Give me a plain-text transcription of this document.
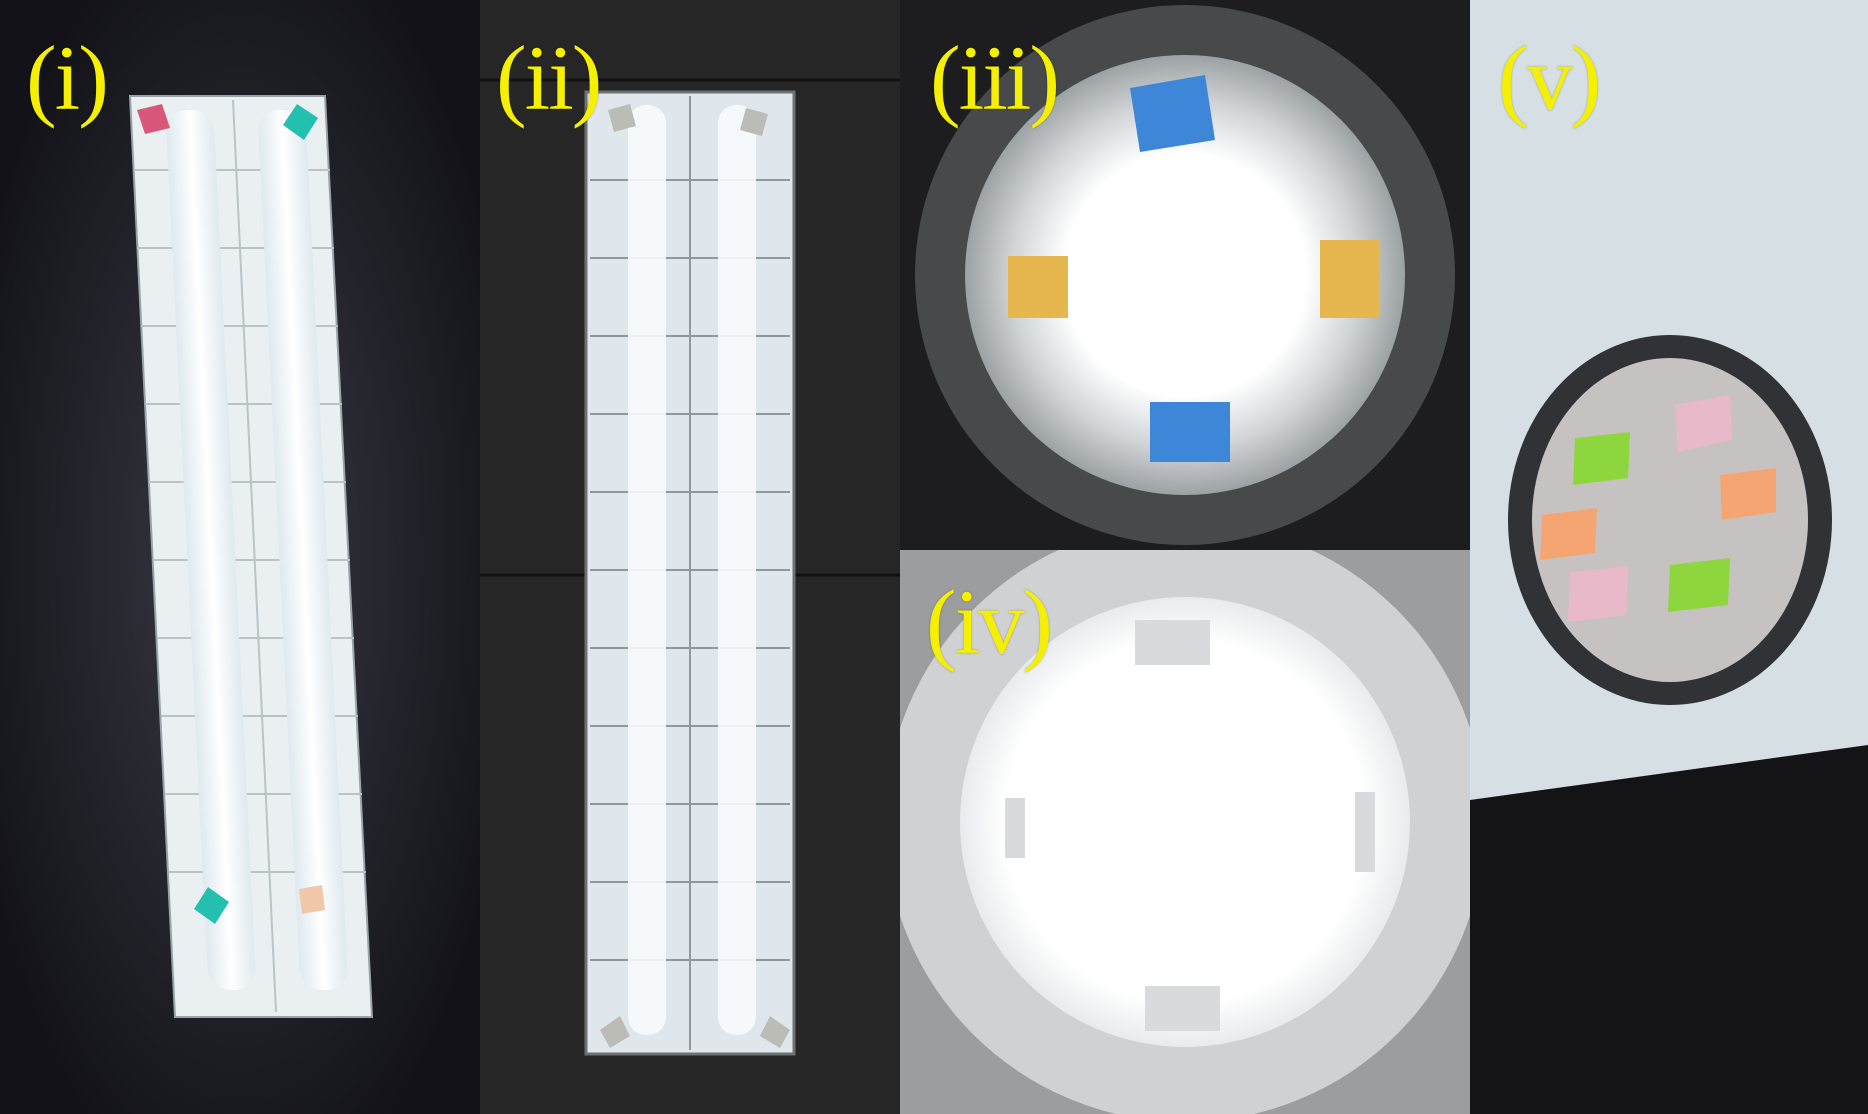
(i)	(ii)	(iii)
(iv)
(v)
